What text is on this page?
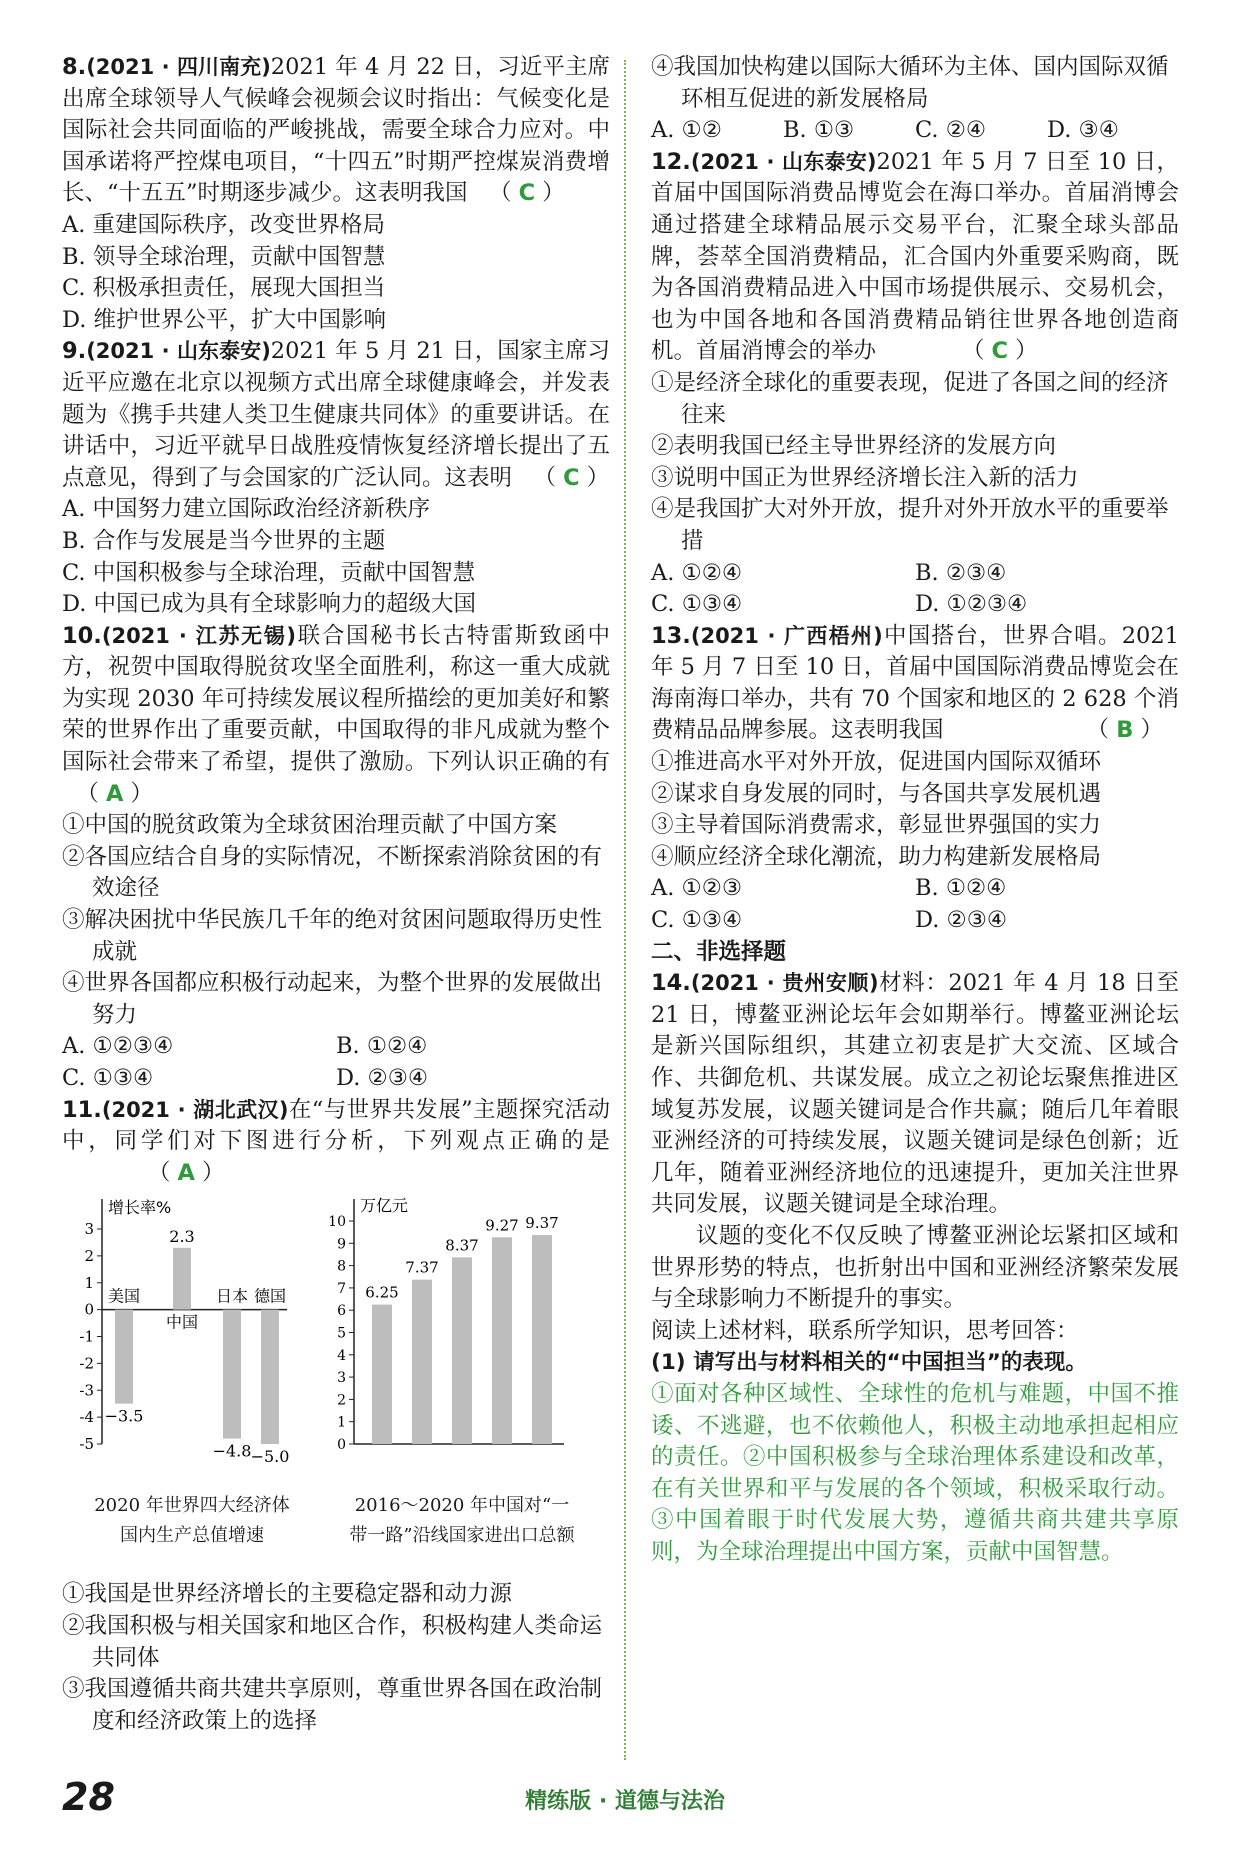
8.(2021 · 四川南充)2021 年 4 月 22 日，习近平主席出席全球领导人气候峰会视频会议时指出：气候变化是国际社会共同面临的严峻挑战，需要全球合力应对。中国承诺将严控煤电项目，“十四五”时期严控煤炭消费增长、“十五五”时期逐步减少。这表明我国   （ C ）

A. 重建国际秩序，改变世界格局

B. 领导全球治理，贡献中国智慧

C. 积极承担责任，展现大国担当

D. 维护世界公平，扩大中国影响

9.(2021 · 山东泰安)2021 年 5 月 21 日，国家主席习近平应邀在北京以视频方式出席全球健康峰会，并发表题为《携手共建人类卫生健康共同体》的重要讲话。在讲话中，习近平就早日战胜疫情恢复经济增长提出了五点意见，得到了与会国家的广泛认同。这表明   （ C ）

A. 中国努力建立国际政治经济新秩序

B. 合作与发展是当今世界的主题

C. 中国积极参与全球治理，贡献中国智慧

D. 中国已成为具有全球影响力的超级大国

10.(2021 · 江苏无锡)联合国秘书长古特雷斯致函中方，祝贺中国取得脱贫攻坚全面胜利，称这一重大成就为实现 2030 年可持续发展议程所描绘的更加美好和繁荣的世界作出了重要贡献，中国取得的非凡成就为整个国际社会带来了希望，提供了激励。下列认识正确的有  （ A ）

①中国的脱贫政策为全球贫困治理贡献了中国方案

②各国应结合自身的实际情况，不断探索消除贫困的有效途径

③解决困扰中华民族几千年的绝对贫困问题取得历史性成就

④世界各国都应积极行动起来，为整个世界的发展做出努力

A. ①②③④	B. ①②④
C. ①③④	D. ②③④

11.(2021 · 湖北武汉)在“与世界共发展”主题探究活动中，同学们对下图进行分析，下列观点正确的是            （ A ）

增长率%
3
2
1
0
-1
-2
-3
-4
-5
−3.5
美国
2.3
中国
−4.8
日本
−5.0
德国
万亿元
10
9
8
7
6
5
4
3
2
1
0
6.25
7.37
8.37
9.27 9.37
2020 年世界四大经济体国内生产总值增速
2016～2020 年中国对“一带一路”沿线国家进出口总额

①我国是世界经济增长的主要稳定器和动力源

②我国积极与相关国家和地区合作，积极构建人类命运共同体

③我国遵循共商共建共享原则，尊重世界各国在政治制度和经济政策上的选择

④我国加快构建以国际大循环为主体、国内国际双循环相互促进的新发展格局

A. ①②	B. ①③	C. ②④	D. ③④

12.(2021 · 山东泰安)2021 年 5 月 7 日至 10 日，首届中国国际消费品博览会在海口举办。首届消博会通过搭建全球精品展示交易平台，汇聚全球头部品牌，荟萃全国消费精品，汇合国内外重要采购商，既为各国消费精品进入中国市场提供展示、交易机会，也为中国各地和各国消费精品销往世界各地创造商机。首届消博会的举办            （ C ）

①是经济全球化的重要表现，促进了各国之间的经济往来

②表明我国已经主导世界经济的发展方向

③说明中国正为世界经济增长注入新的活力

④是我国扩大对外开放，提升对外开放水平的重要举措

A. ①②④	B. ②③④
C. ①③④	D. ①②③④

13.(2021 · 广西梧州)中国搭台，世界合唱。2021 年 5 月 7 日至 10 日，首届中国国际消费品博览会在海南海口举办，共有 70 个国家和地区的 2 628 个消费精品品牌参展。这表明我国                    （ B ）

①推进高水平对外开放，促进国内国际双循环

②谋求自身发展的同时，与各国共享发展机遇

③主导着国际消费需求，彰显世界强国的实力

④顺应经济全球化潮流，助力构建新发展格局

A. ①②③	B. ①②④
C. ①③④	D. ②③④

二、非选择题

14.(2021 · 贵州安顺)材料：2021 年 4 月 18 日至 21 日，博鳌亚洲论坛年会如期举行。博鳌亚洲论坛是新兴国际组织，其建立初衷是扩大交流、区域合作、共御危机、共谋发展。成立之初论坛聚焦推进区域复苏发展，议题关键词是合作共赢；随后几年着眼亚洲经济的可持续发展，议题关键词是绿色创新；近几年，随着亚洲经济地位的迅速提升，更加关注世界共同发展，议题关键词是全球治理。

议题的变化不仅反映了博鳌亚洲论坛紧扣区域和世界形势的特点，也折射出中国和亚洲经济繁荣发展与全球影响力不断提升的事实。

阅读上述材料，联系所学知识，思考回答：

(1) 请写出与材料相关的“中国担当”的表现。

①面对各种区域性、全球性的危机与难题，中国不推诿、不逃避，也不依赖他人，积极主动地承担起相应的责任。②中国积极参与全球治理体系建设和改革，在有关世界和平与发展的各个领域，积极采取行动。③中国着眼于时代发展大势，遵循共商共建共享原则，为全球治理提出中国方案，贡献中国智慧。

28	精练版 · 道德与法治
